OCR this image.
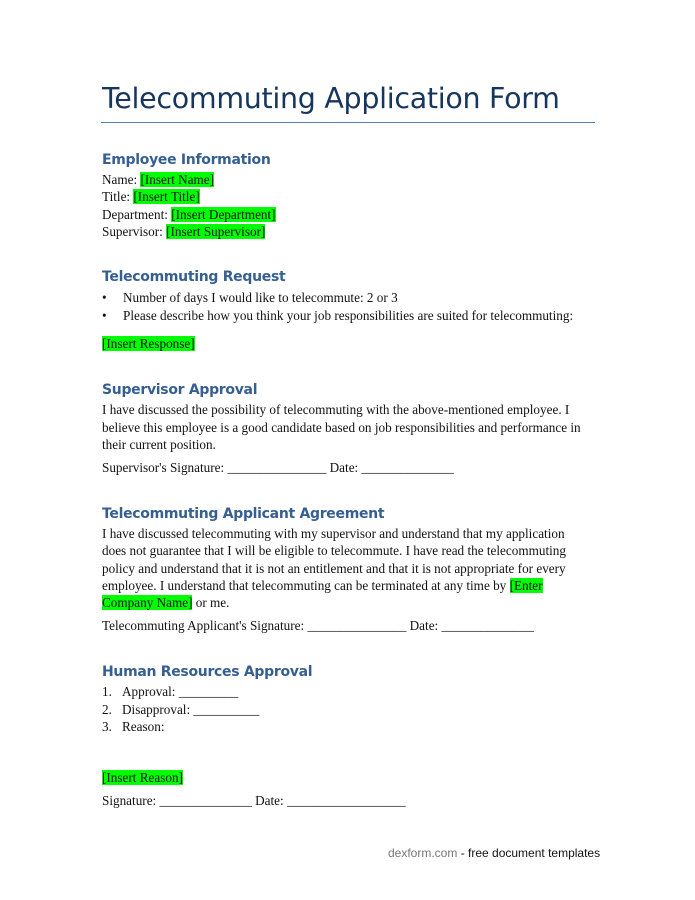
Telecommuting Application Form
Employee Information
Name: [Insert Name]
Title: [Insert Title]
Department: [Insert Department]
Supervisor: [Insert Supervisor]
Telecommuting Request
• Number of days I would like to telecommute: 2 or 3
• Please describe how you think your job responsibilities are suited for telecommuting:
[Insert Response]
Supervisor Approval
I have discussed the possibility of telecommuting with the above-mentioned employee. I
believe this employee is a good candidate based on job responsibilities and performance in
their current position.
Supervisor's Signature: _______________ Date: ______________
Telecommuting Applicant Agreement
I have discussed telecommuting with my supervisor and understand that my application
does not guarantee that I will be eligible to telecommute. I have read the telecommuting
policy and understand that it is not an entitlement and that it is not appropriate for every
employee. I understand that telecommuting can be terminated at any time by [Enter
Company Name] or me.
Telecommuting Applicant's Signature: _______________ Date: ______________
Human Resources Approval
1. Approval: _________
2. Disapproval: __________
3. Reason:
[Insert Reason]
Signature: ______________ Date: __________________
dexform.com - free document templates
